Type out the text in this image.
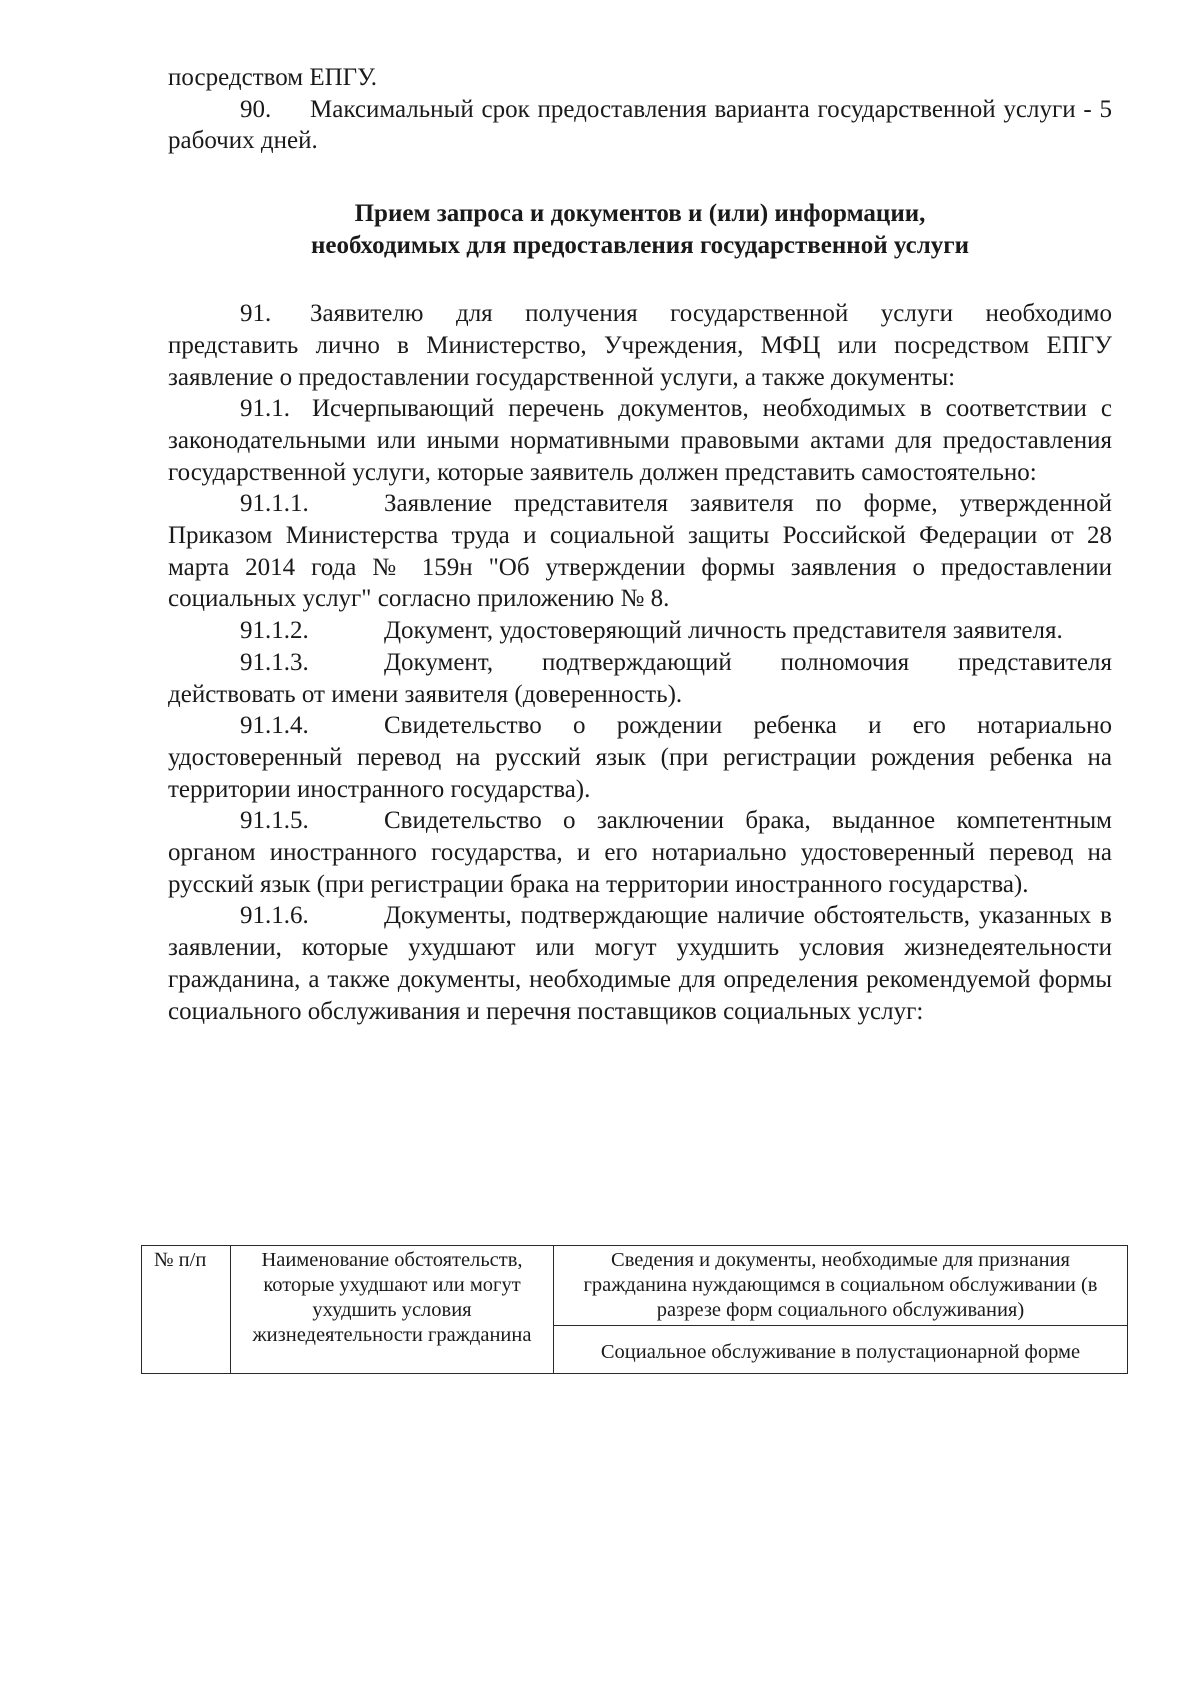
посредством ЕПГУ.

90. Максимальный срок предоставления варианта государственной услуги - 5 рабочих дней.

Прием запроса и документов и (или) информации,
необходимых для предоставления государственной услуги

91. Заявителю для получения государственной услуги необходимо представить лично в Министерство, Учреждения, МФЦ или посредством ЕПГУ заявление о предоставлении государственной услуги, а также документы:

91.1. Исчерпывающий перечень документов, необходимых в соответствии с законодательными или иными нормативными правовыми актами для предоставления государственной услуги, которые заявитель должен представить самостоятельно:

91.1.1.	Заявление представителя заявителя по форме, утвержденной Приказом Министерства труда и социальной защиты Российской Федерации от 28 марта 2014 года № 159н "Об утверждении формы заявления о предоставлении социальных услуг" согласно приложению № 8.

91.1.2.	Документ, удостоверяющий личность представителя заявителя.

91.1.3.	Документ, подтверждающий полномочия представителя действовать от имени заявителя (доверенность).

91.1.4.	Свидетельство о рождении ребенка и его нотариально удостоверенный перевод на русский язык (при регистрации рождения ребенка на территории иностранного государства).

91.1.5.	Свидетельство о заключении брака, выданное компетентным органом иностранного государства, и его нотариально удостоверенный перевод на русский язык (при регистрации брака на территории иностранного государства).

91.1.6.	Документы, подтверждающие наличие обстоятельств, указанных в заявлении, которые ухудшают или могут ухудшить условия жизнедеятельности гражданина, а также документы, необходимые для определения рекомендуемой формы социального обслуживания и перечня поставщиков социальных услуг:

№ п/п	Наименование обстоятельств, которые ухудшают или могут ухудшить условия жизнедеятельности гражданина	Сведения и документы, необходимые для признания гражданина нуждающимся в социальном обслуживании (в разрезе форм социального обслуживания)
Социальное обслуживание в полустационарной форме
